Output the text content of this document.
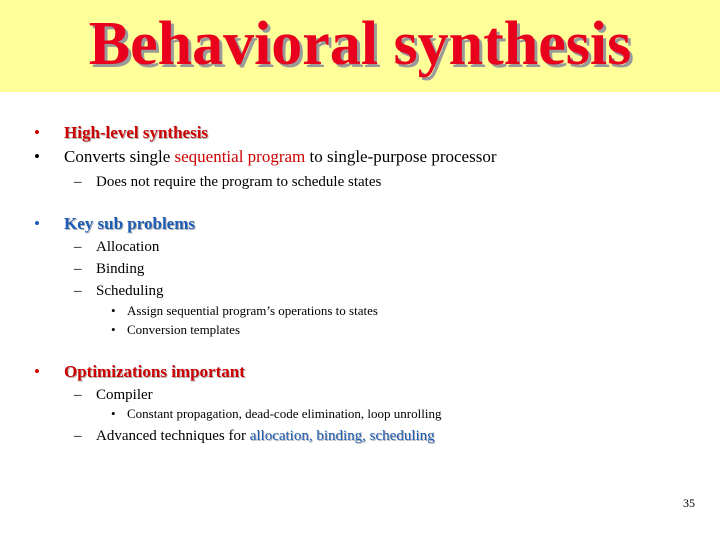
Behavioral synthesis
• High-level synthesis
• Converts single sequential program to single-purpose processor
– Does not require the program to schedule states
• Key sub problems
– Allocation
– Binding
– Scheduling
• Assign sequential program’s operations to states
• Conversion templates
• Optimizations important
– Compiler
• Constant propagation, dead-code elimination, loop unrolling
– Advanced techniques for allocation, binding, scheduling
35
